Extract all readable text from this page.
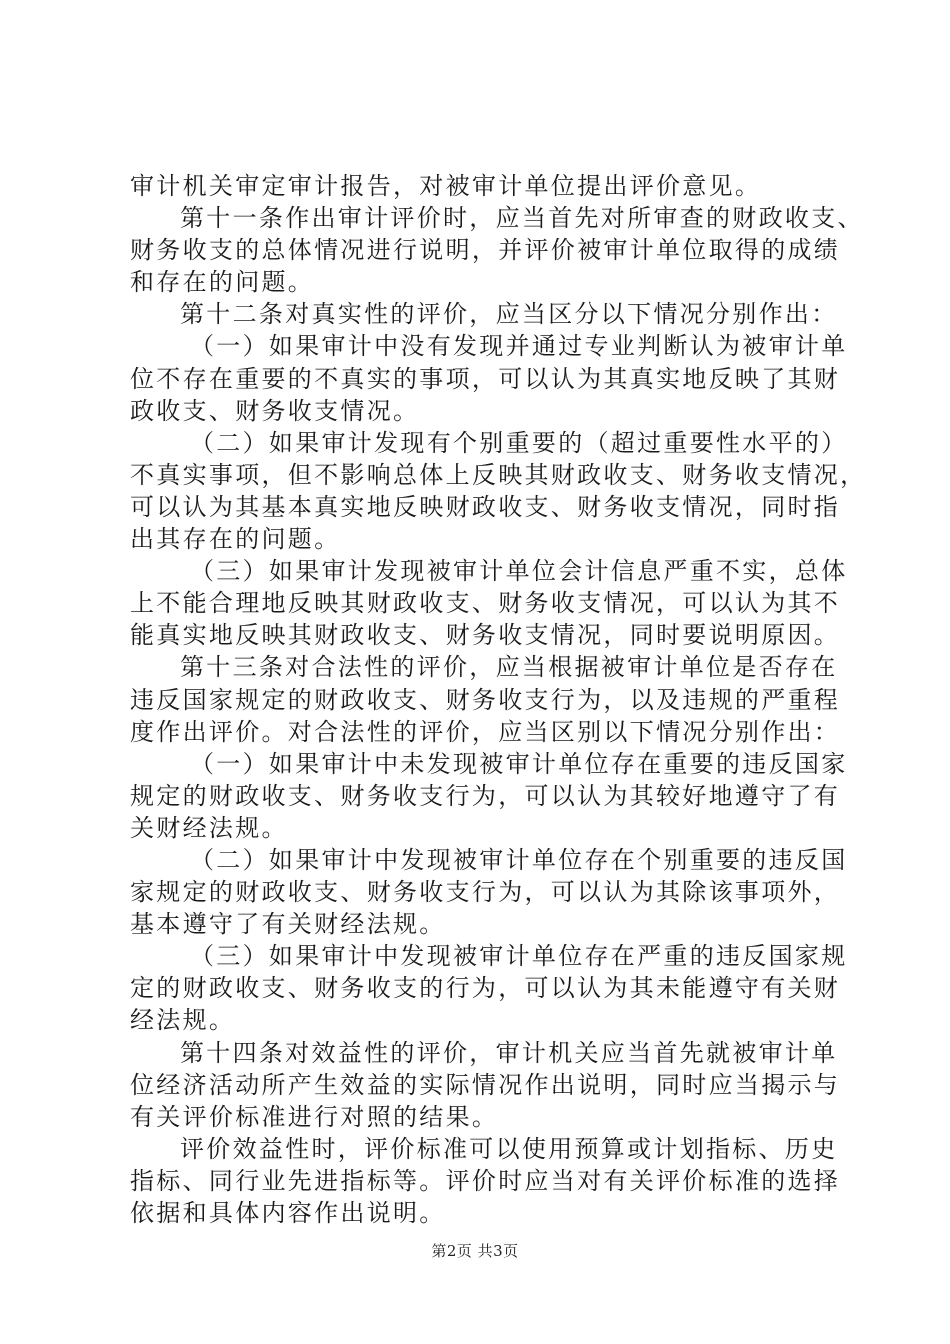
审计机关审定审计报告，对被审计单位提出评价意见。
第十一条作出审计评价时，应当首先对所审查的财政收支、
财务收支的总体情况进行说明，并评价被审计单位取得的成绩
和存在的问题。
第十二条对真实性的评价，应当区分以下情况分别作出：
（一）如果审计中没有发现并通过专业判断认为被审计单
位不存在重要的不真实的事项，可以认为其真实地反映了其财
政收支、财务收支情况。
（二）如果审计发现有个别重要的（超过重要性水平的）
不真实事项，但不影响总体上反映其财政收支、财务收支情况，
可以认为其基本真实地反映财政收支、财务收支情况，同时指
出其存在的问题。
（三）如果审计发现被审计单位会计信息严重不实，总体
上不能合理地反映其财政收支、财务收支情况，可以认为其不
能真实地反映其财政收支、财务收支情况，同时要说明原因。
第十三条对合法性的评价，应当根据被审计单位是否存在
违反国家规定的财政收支、财务收支行为，以及违规的严重程
度作出评价。对合法性的评价，应当区别以下情况分别作出：
（一）如果审计中未发现被审计单位存在重要的违反国家
规定的财政收支、财务收支行为，可以认为其较好地遵守了有
关财经法规。
（二）如果审计中发现被审计单位存在个别重要的违反国
家规定的财政收支、财务收支行为，可以认为其除该事项外，
基本遵守了有关财经法规。
（三）如果审计中发现被审计单位存在严重的违反国家规
定的财政收支、财务收支的行为，可以认为其未能遵守有关财
经法规。
第十四条对效益性的评价，审计机关应当首先就被审计单
位经济活动所产生效益的实际情况作出说明，同时应当揭示与
有关评价标准进行对照的结果。
评价效益性时，评价标准可以使用预算或计划指标、历史
指标、同行业先进指标等。评价时应当对有关评价标准的选择
依据和具体内容作出说明。
第2页 共3页
